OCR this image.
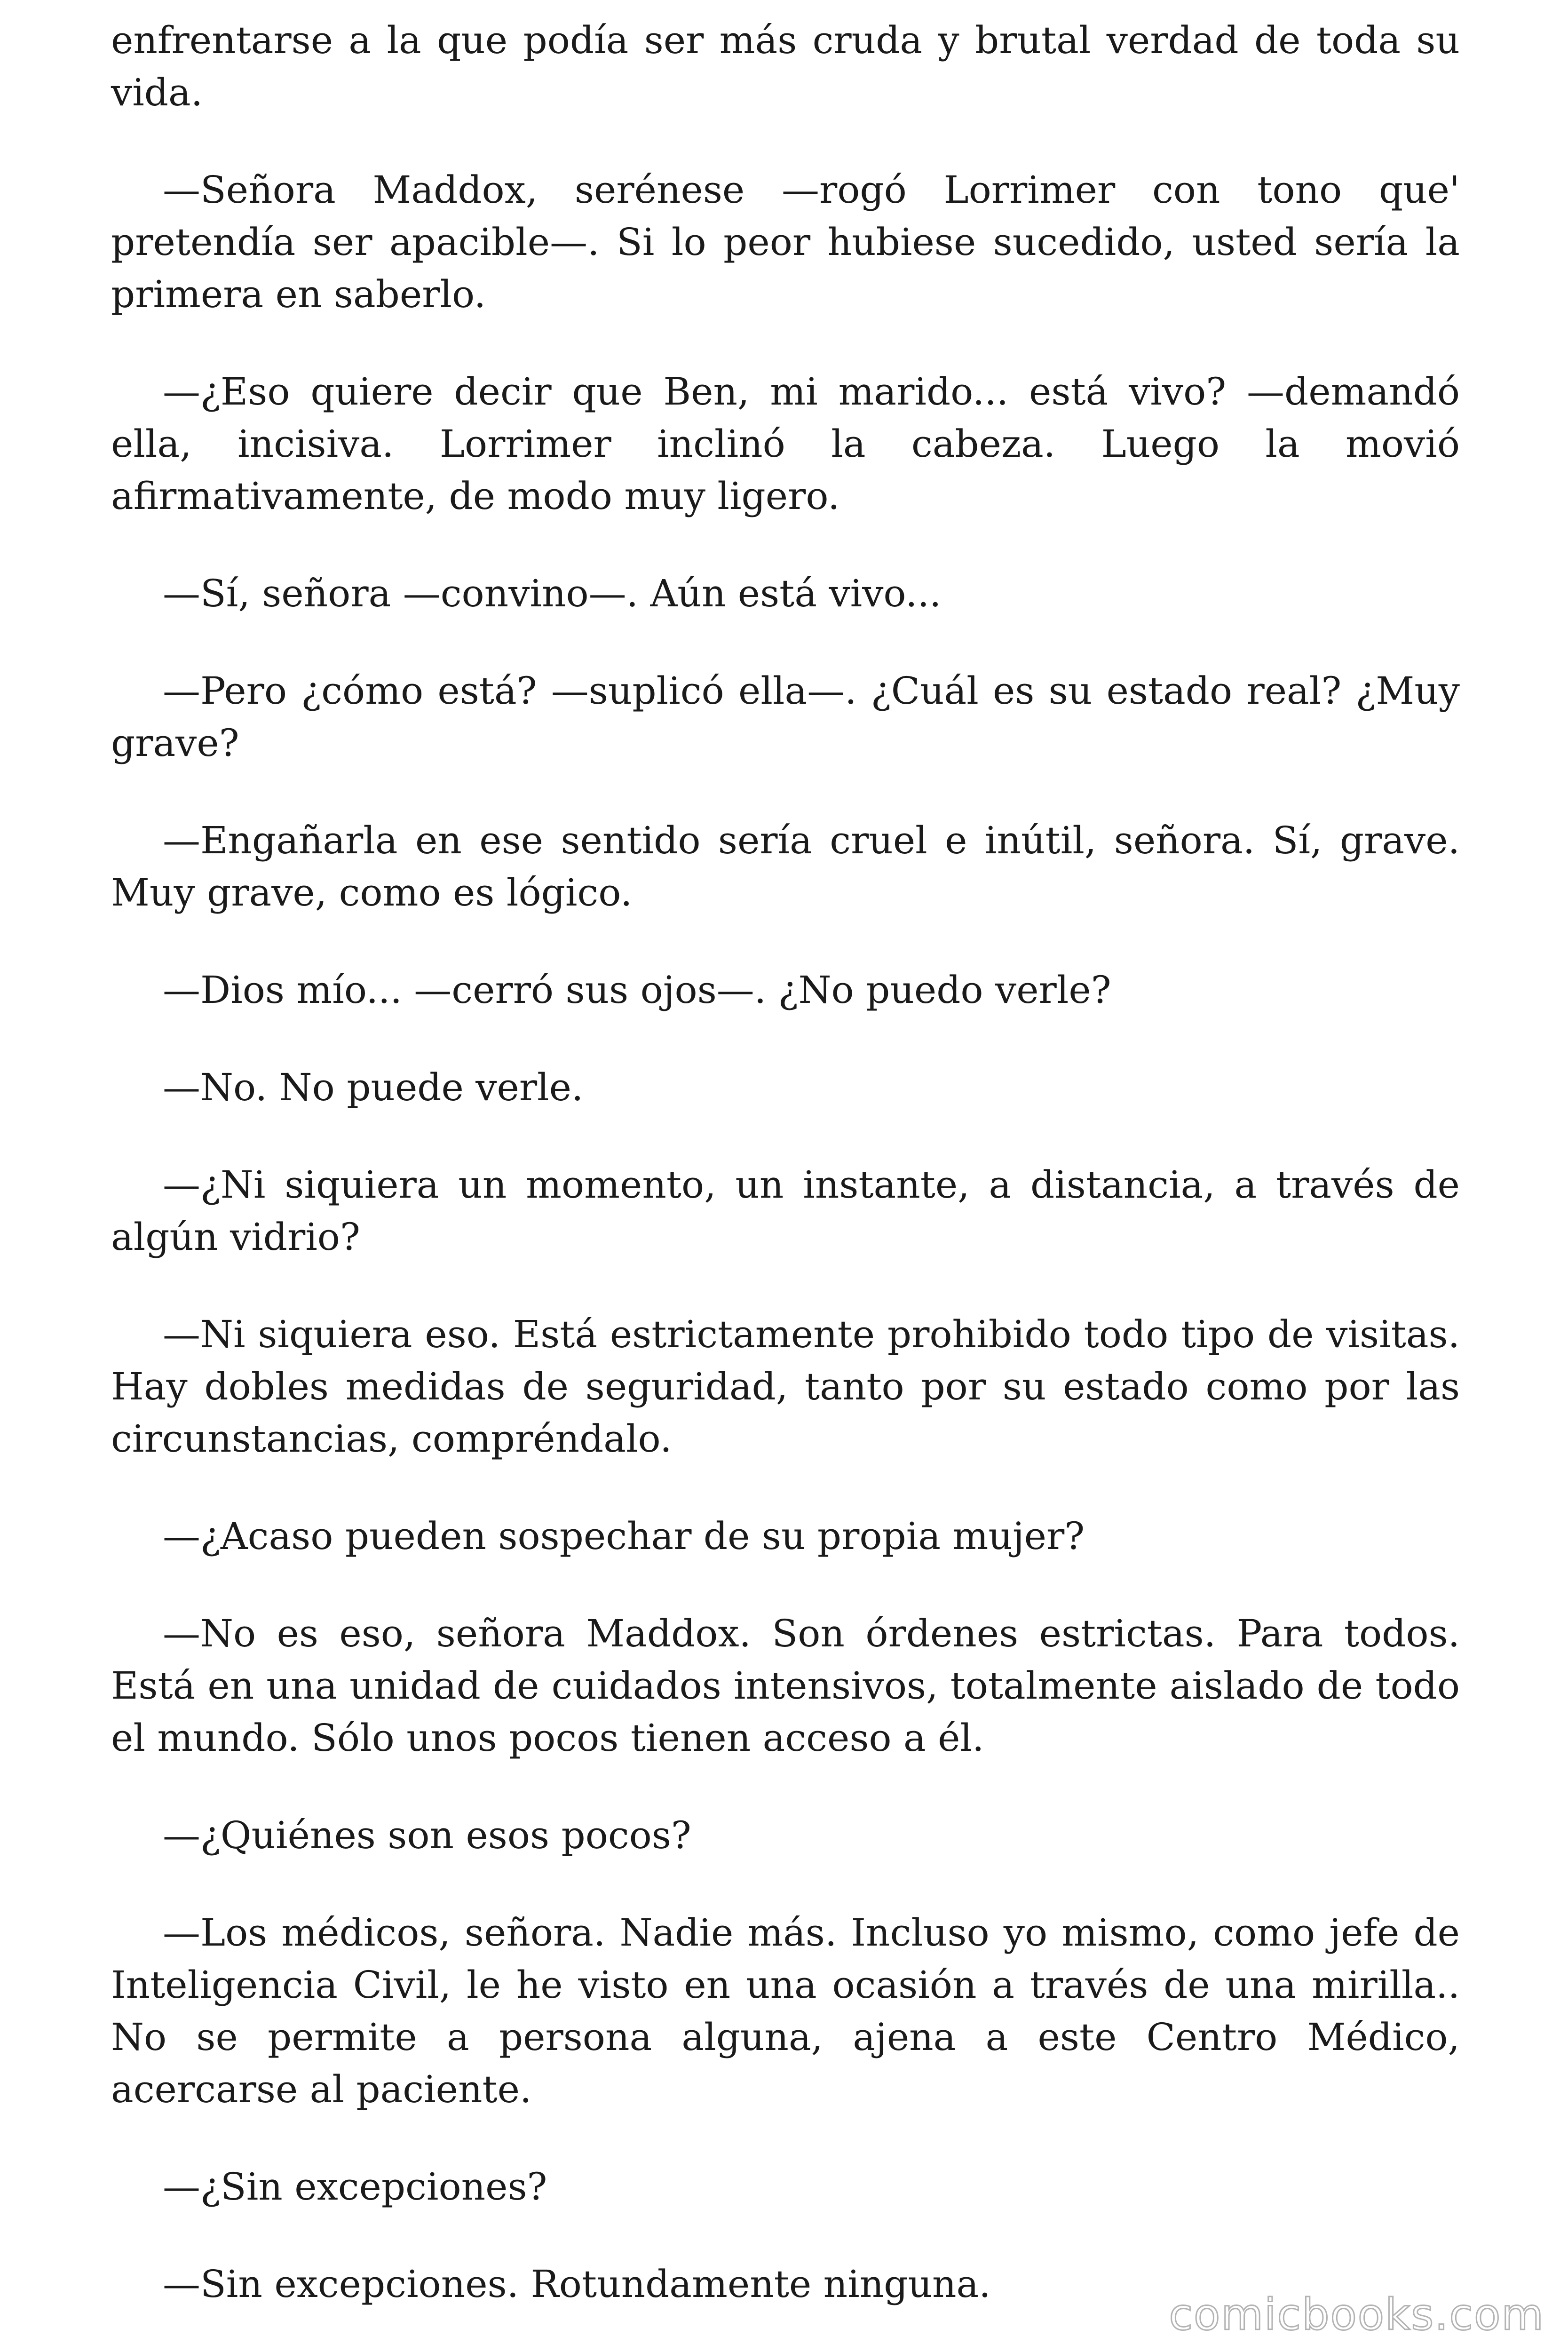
enfrentarse a la que podía ser más cruda y brutal verdad de toda su vida.

—Señora Maddox, serénese —rogó Lorrimer con tono que' pretendía ser apacible—. Si lo peor hubiese sucedido, usted sería la primera en saberlo.

—¿Eso quiere decir que Ben, mi marido... está vivo? —demandó ella, incisiva. Lorrimer inclinó la cabeza. Luego la movió afirmativamente, de modo muy ligero.

—Sí, señora —convino—. Aún está vivo...

—Pero ¿cómo está? —suplicó ella—. ¿Cuál es su estado real? ¿Muy grave?

—Engañarla en ese sentido sería cruel e inútil, señora. Sí, grave. Muy grave, como es lógico.

—Dios mío... —cerró sus ojos—. ¿No puedo verle?

—No. No puede verle.

—¿Ni siquiera un momento, un instante, a distancia, a través de algún vidrio?

—Ni siquiera eso. Está estrictamente prohibido todo tipo de visitas. Hay dobles medidas de seguridad, tanto por su estado como por las circunstancias, compréndalo.

—¿Acaso pueden sospechar de su propia mujer?

—No es eso, señora Maddox. Son órdenes estrictas. Para todos. Está en una unidad de cuidados intensivos, totalmente aislado de todo el mundo. Sólo unos pocos tienen acceso a él.

—¿Quiénes son esos pocos?

—Los médicos, señora. Nadie más. Incluso yo mismo, como jefe de Inteligencia Civil, le he visto en una ocasión a través de una mirilla.. No se permite a persona alguna, ajena a este Centro Médico, acercarse al paciente.

—¿Sin excepciones?

—Sin excepciones. Rotundamente ninguna.

comicbooks.com
